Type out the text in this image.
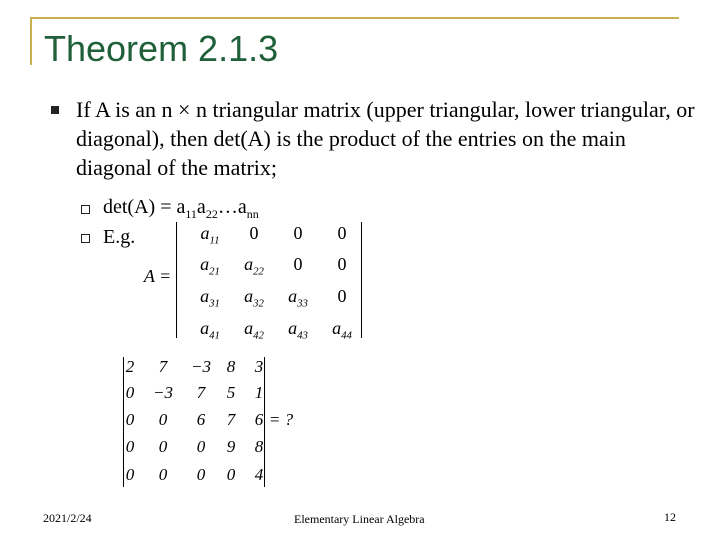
Theorem 2.1.3
If A is an n × n triangular matrix (upper triangular, lower triangular, or diagonal), then det(A) is the product of the entries on the main diagonal of the matrix;
$\det(A) = a_{11}a_{22}\dots a_{nn}$
E.g.
A =
$a_{11}$	0	0	0
$a_{21}$	$a_{22}$	0	0
$a_{31}$	$a_{32}$	$a_{33}$	0
$a_{41}$	$a_{42}$	$a_{43}$	$a_{44}$
= ?
2	7	−3 8	3
0	−3	7	5	1
0	0	6	7	6
0	0	0	9	8
0	0	0	0	4
2021/2/24	Elementary Linear Algebra	12
